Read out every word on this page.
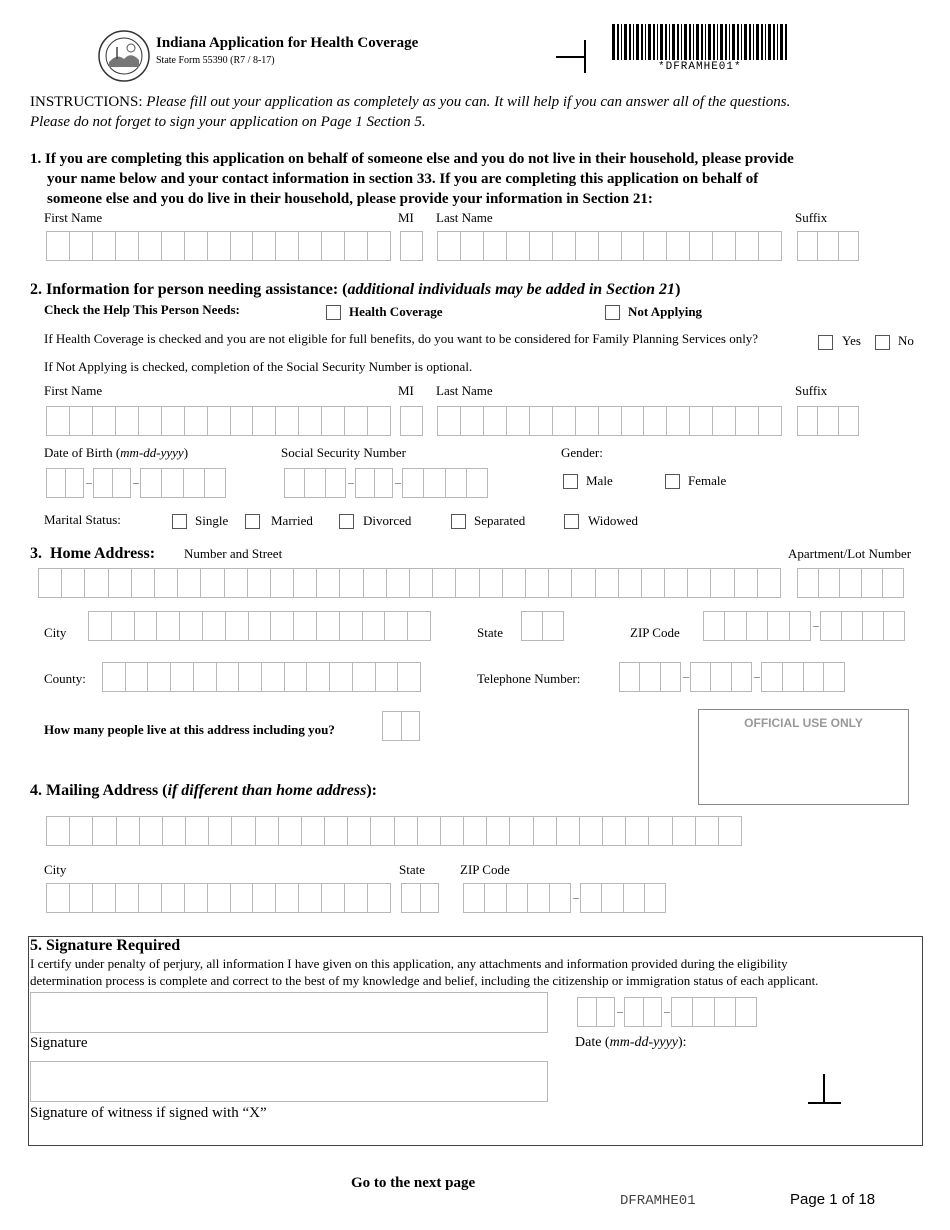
Indiana Application for Health Coverage
State Form 55390 (R7 / 8-17)
*DFRAMHE01*
INSTRUCTIONS: Please fill out your application as completely as you can. It will help if you can answer all of the questions.
Please do not forget to sign your application on Page 1 Section 5.
1. If you are completing this application on behalf of someone else and you do not live in their household, please provide
your name below and your contact information in section 33. If you are completing this application on behalf of
someone else and you do live in their household, please provide your information in Section 21:
First Name	MI Last Name	Suffix
2. Information for person needing assistance: (additional individuals may be added in Section 21)
Check the Help This Person Needs:	Health Coverage	Not Applying
If Health Coverage is checked and you are not eligible for full benefits, do you want to be considered for Family Planning Services only?	Yes	No
If Not Applying is checked, completion of the Social Security Number is optional.
First Name	MI Last Name	Suffix
Date of Birth (mm-dd-yyyy)	Social Security Number	Gender:
Male	Female
Marital Status:	Single	Married	Divorced	Separated	Widowed
3.  Home Address: Number and Street	Apartment/Lot Number
City	State	ZIP Code
County:	Telephone Number:
How many people live at this address including you?	OFFICIAL USE ONLY
4. Mailing Address (if different than home address):
City	State	ZIP Code
5. Signature Required
I certify under penalty of perjury, all information I have given on this application, any attachments and information provided during the eligibility
determination process is complete and correct to the best of my knowledge and belief, including the citizenship or immigration status of each applicant.
Signature	Date (mm-dd-yyyy):
Signature of witness if signed with “X”
Go to the next page
DFRAMHE01	Page 1 of 18
